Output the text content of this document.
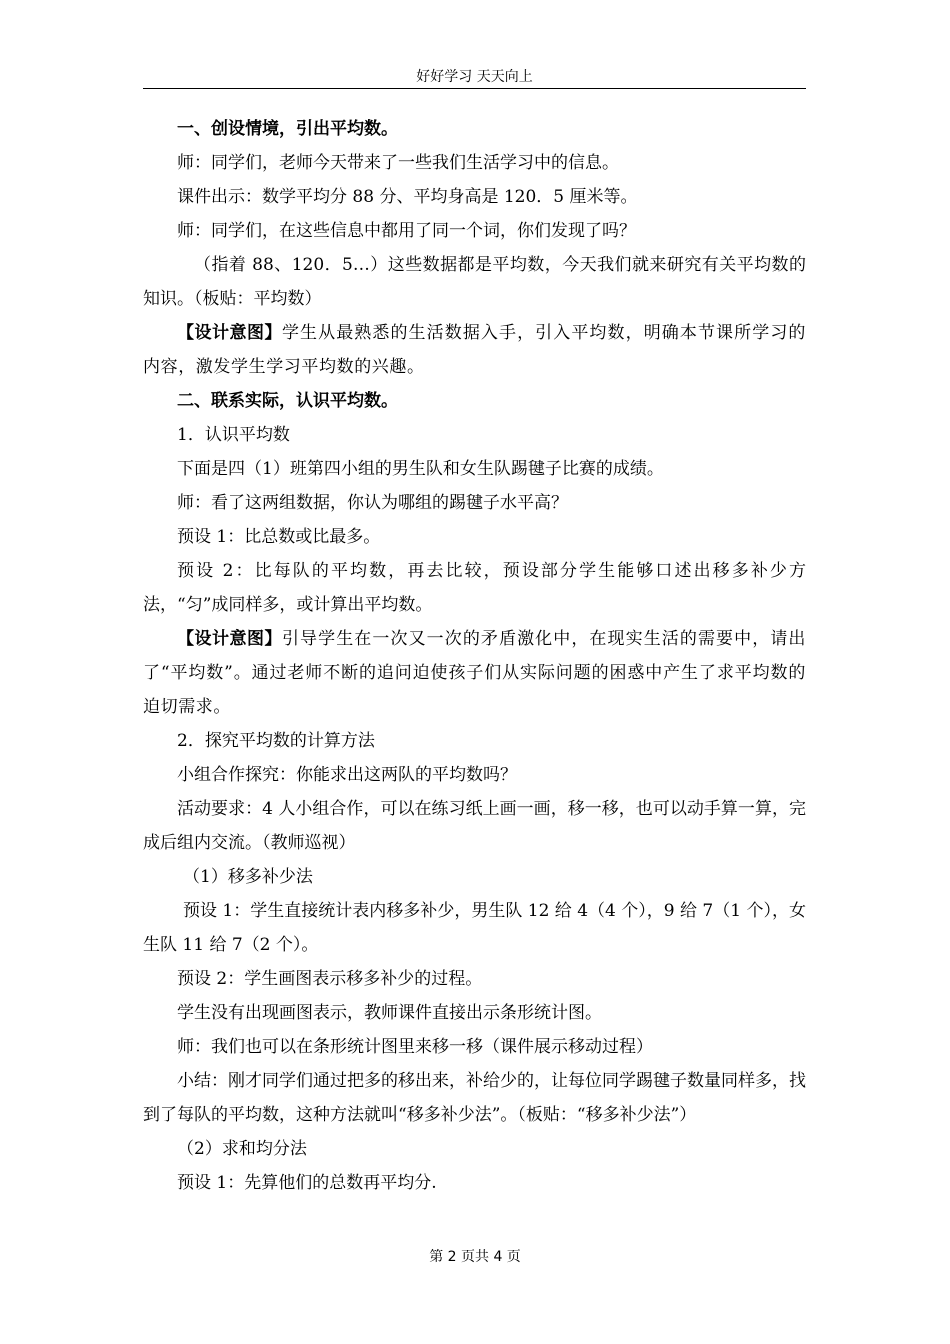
好好学习 天天向上

一、创设情境，引出平均数。

师：同学们，老师今天带来了一些我们生活学习中的信息。

课件出示：数学平均分 88 分、平均身高是 120．5 厘米等。

师：同学们，在这些信息中都用了同一个词，你们发现了吗？

（指着 88、120．5…）这些数据都是平均数，今天我们就来研究有关平均数的知识。（板贴：平均数）

【设计意图】学生从最熟悉的生活数据入手，引入平均数，明确本节课所学习的内容，激发学生学习平均数的兴趣。

二、联系实际，认识平均数。

1．认识平均数

下面是四（1）班第四小组的男生队和女生队踢毽子比赛的成绩。

师：看了这两组数据，你认为哪组的踢毽子水平高？

预设 1：比总数或比最多。

预设 2：比每队的平均数，再去比较，预设部分学生能够口述出移多补少方法，“匀”成同样多，或计算出平均数。

【设计意图】引导学生在一次又一次的矛盾激化中，在现实生活的需要中，请出了“平均数”。通过老师不断的追问迫使孩子们从实际问题的困惑中产生了求平均数的迫切需求。

2．探究平均数的计算方法

小组合作探究：你能求出这两队的平均数吗？

活动要求：4 人小组合作，可以在练习纸上画一画，移一移，也可以动手算一算，完成后组内交流。（教师巡视）

（1）移多补少法

预设 1：学生直接统计表内移多补少，男生队 12 给 4（4 个），9 给 7（1 个），女生队 11 给 7（2 个）。

预设 2：学生画图表示移多补少的过程。

学生没有出现画图表示，教师课件直接出示条形统计图。

师：我们也可以在条形统计图里来移一移（课件展示移动过程）

小结：刚才同学们通过把多的移出来，补给少的，让每位同学踢毽子数量同样多，找到了每队的平均数，这种方法就叫“移多补少法”。（板贴：“移多补少法”）

（2）求和均分法

预设 1：先算他们的总数再平均分.

第 2 页共 4 页
